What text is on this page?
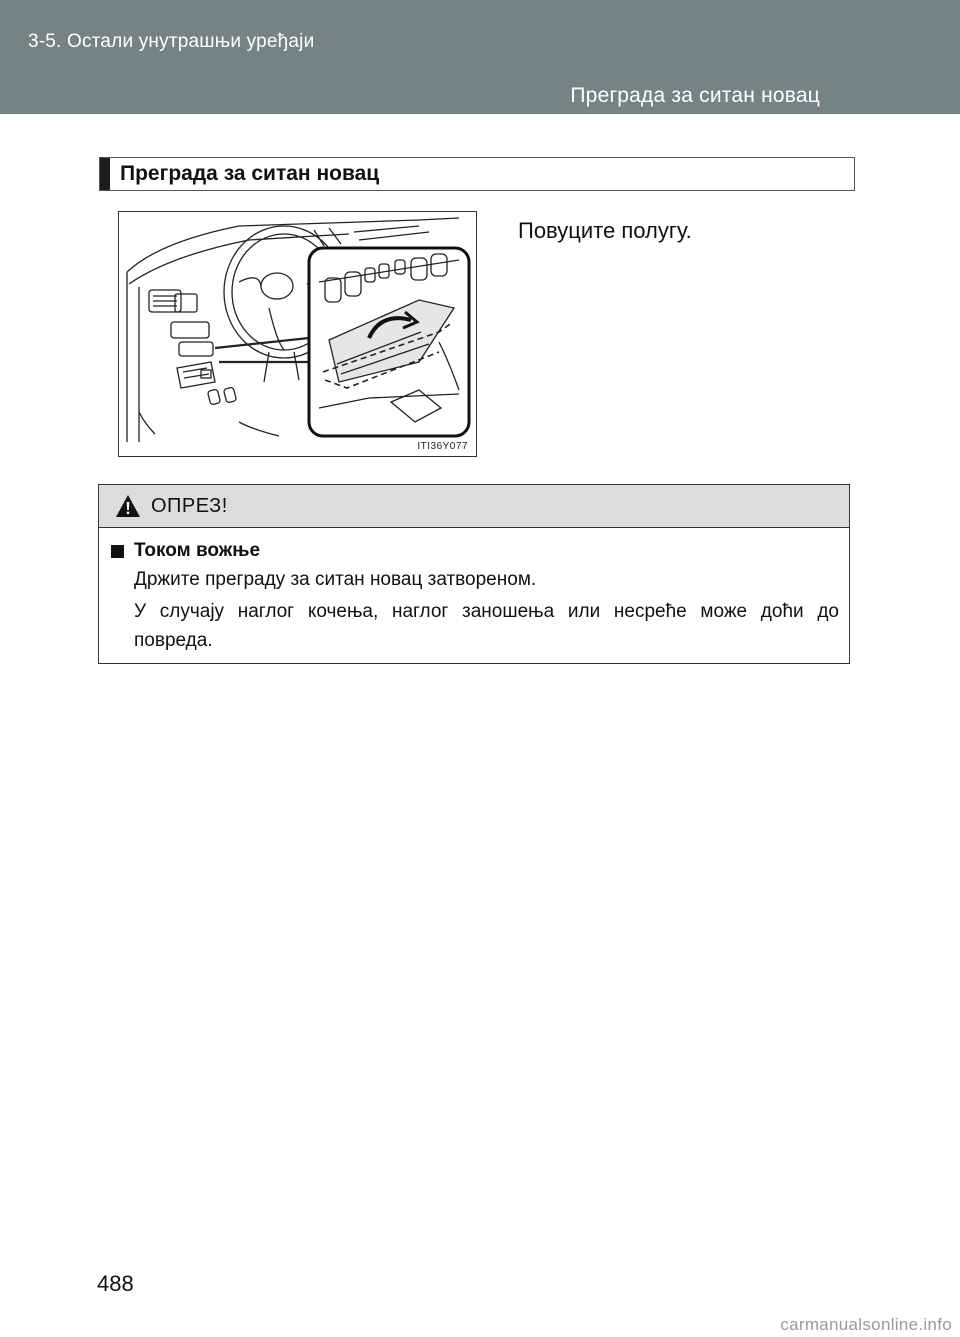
3-5. Остали унутрашњи уређаји
Преграда за ситан новац
Преграда за ситан новац
ITI36Y077
Повуците полугу.
ОПРЕЗ!
Током вожње
Држите преграду за ситан новац затвореном.
У случају наглог кочења, наглог заношења или несреће може доћи до повреда.
488
carmanualsonline.info
